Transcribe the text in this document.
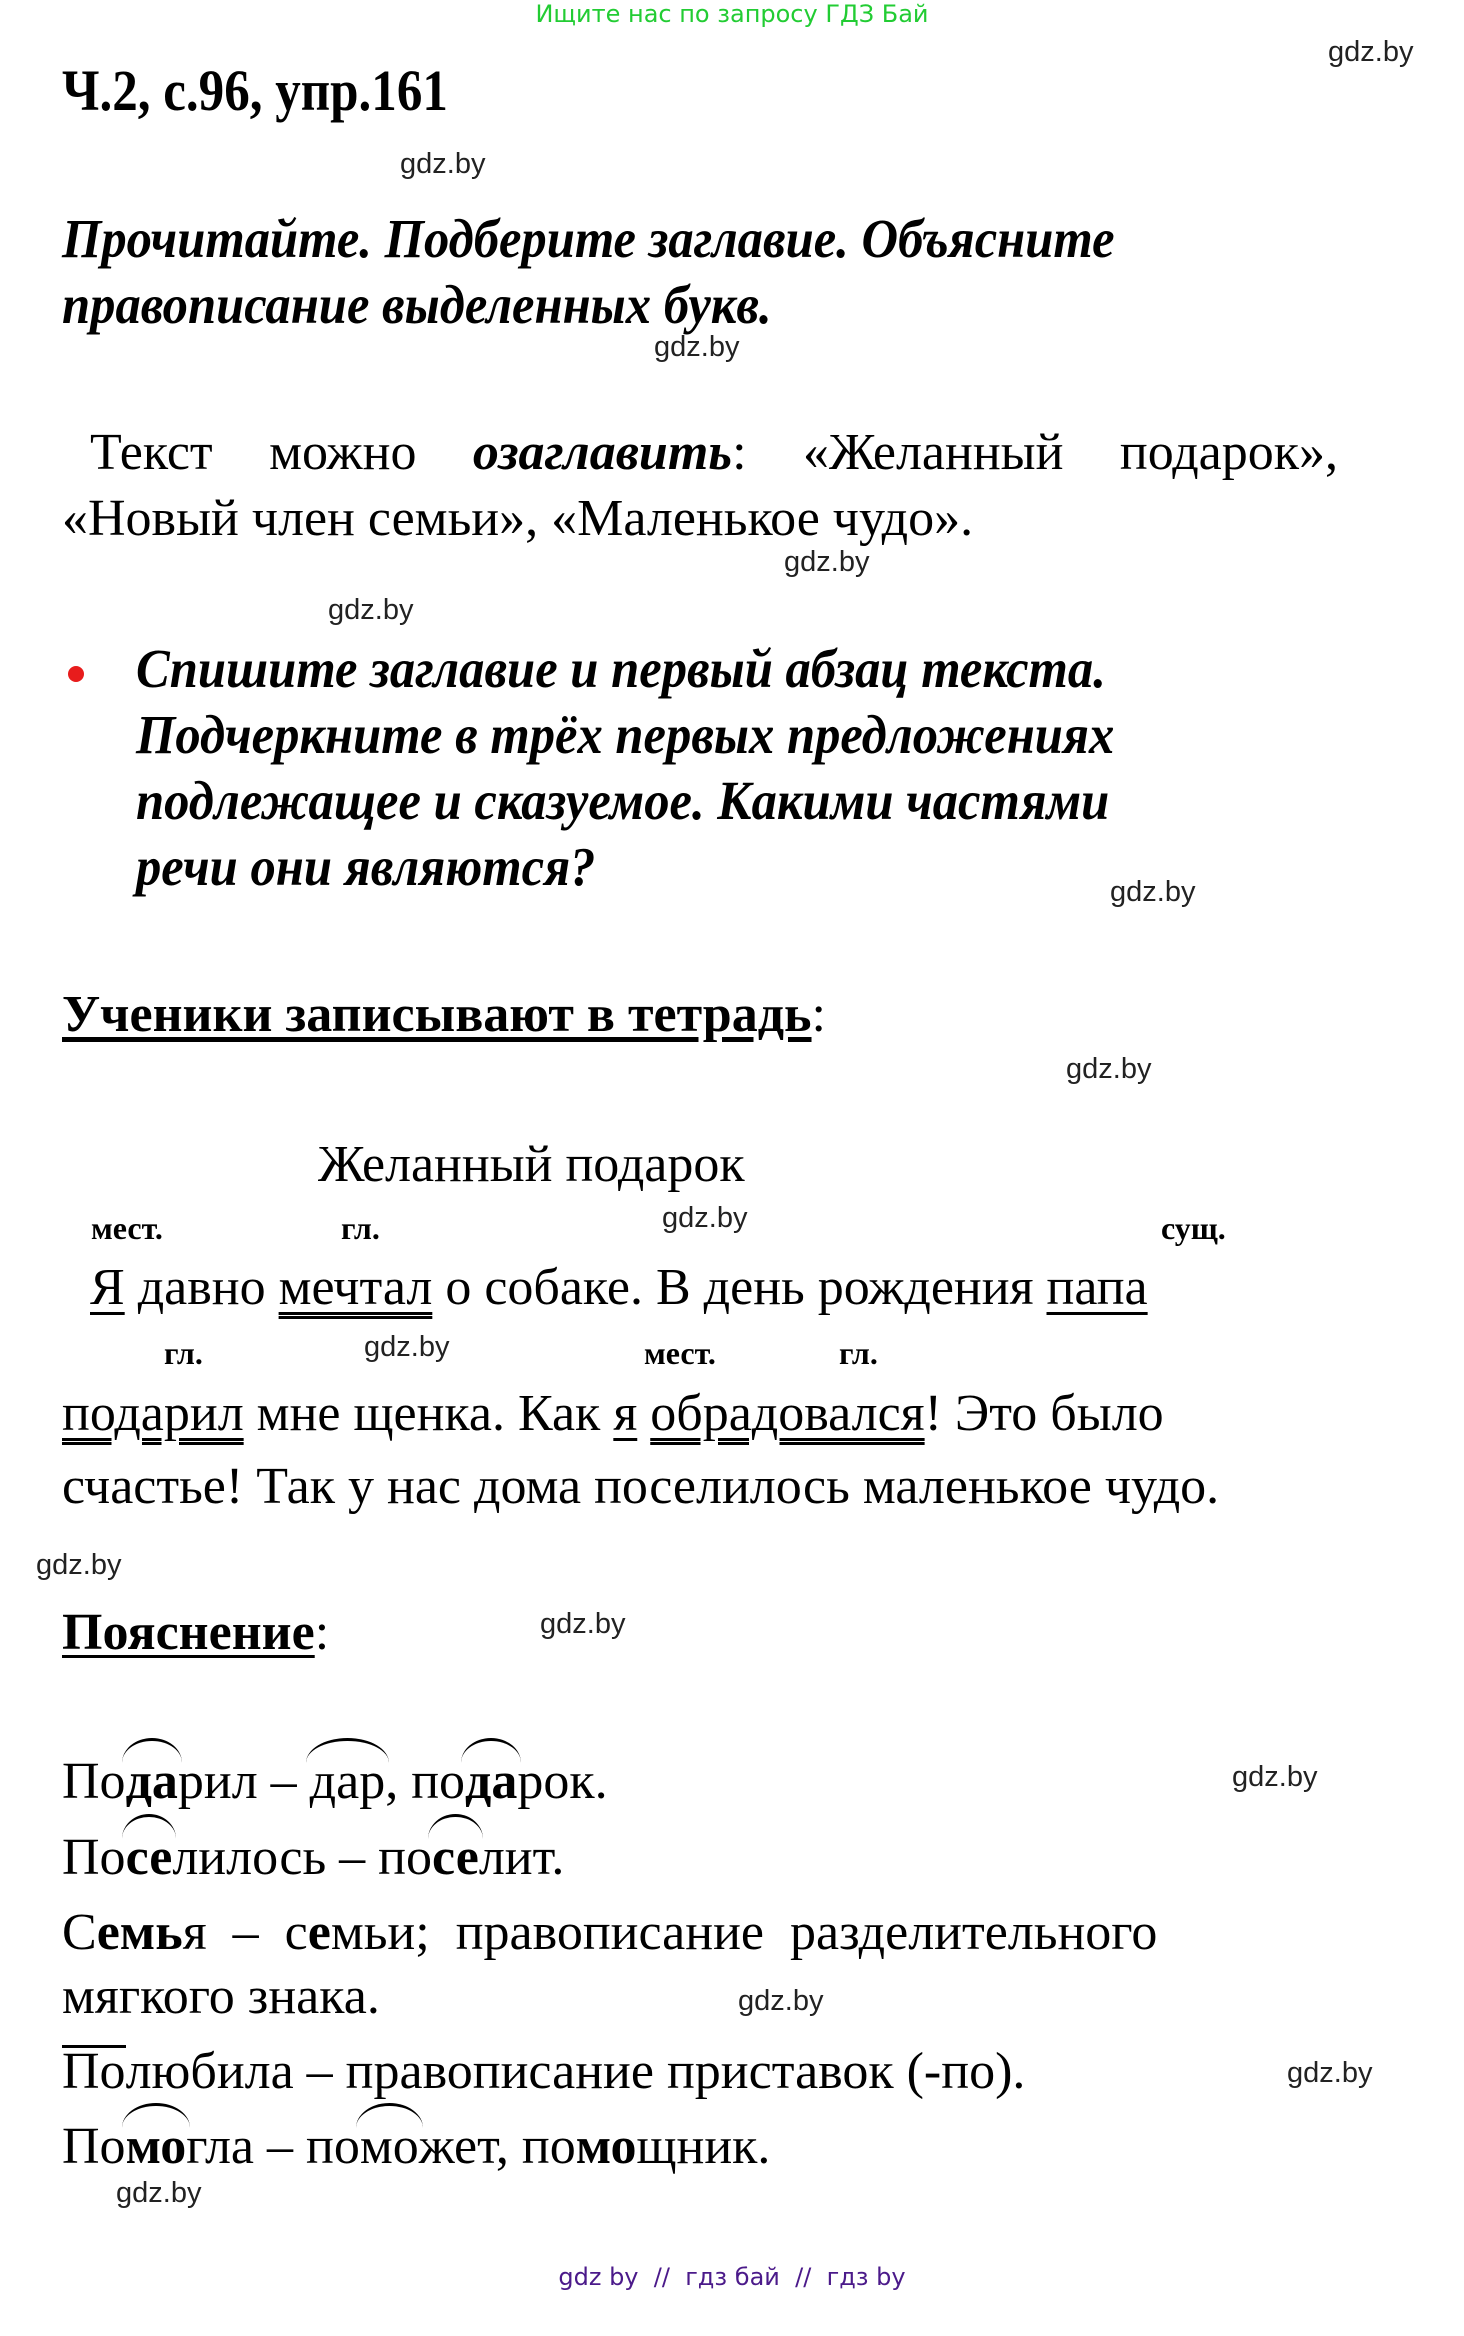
Ищите нас по запросу ГДЗ Бай
gdz.by
Ч.2, с.96, упр.161
gdz.by
Прочитайте. Подберите заглавие. Объясните
правописание выделенных букв.
gdz.by
Текст можно озаглавить: «Желанный подарок», «Новый член семьи», «Маленькое чудо».
gdz.by
gdz.by
Спишите заглавие и первый абзац текста.
Подчеркните в трёх первых предложениях
подлежащее и сказуемое. Какими частями
речи они являются?	gdz.by
Ученики записывают в тетрадь:
gdz.by
Желанный подарок
мест.	гл.	gdz.by	сущ.
Я давно мечтал о собаке. В день рождения папа
гл.	gdz.by	мест.	гл.
подарил мне щенка. Как я обрадовался! Это было
счастье! Так у нас дома поселилось маленькое чудо.
gdz.by
Пояснение:	gdz.by
Подарил – дар, подарок.	gdz.by
Поселилось – поселит.
Семья  –  семьи;  правописание  разделительного
мягкого знака.	gdz.by
Полюбила – правописание приставок (-по).	gdz.by
Помогла – поможет, помощник.
gdz.by
gdz by  //  гдз бай  //  гдз by
